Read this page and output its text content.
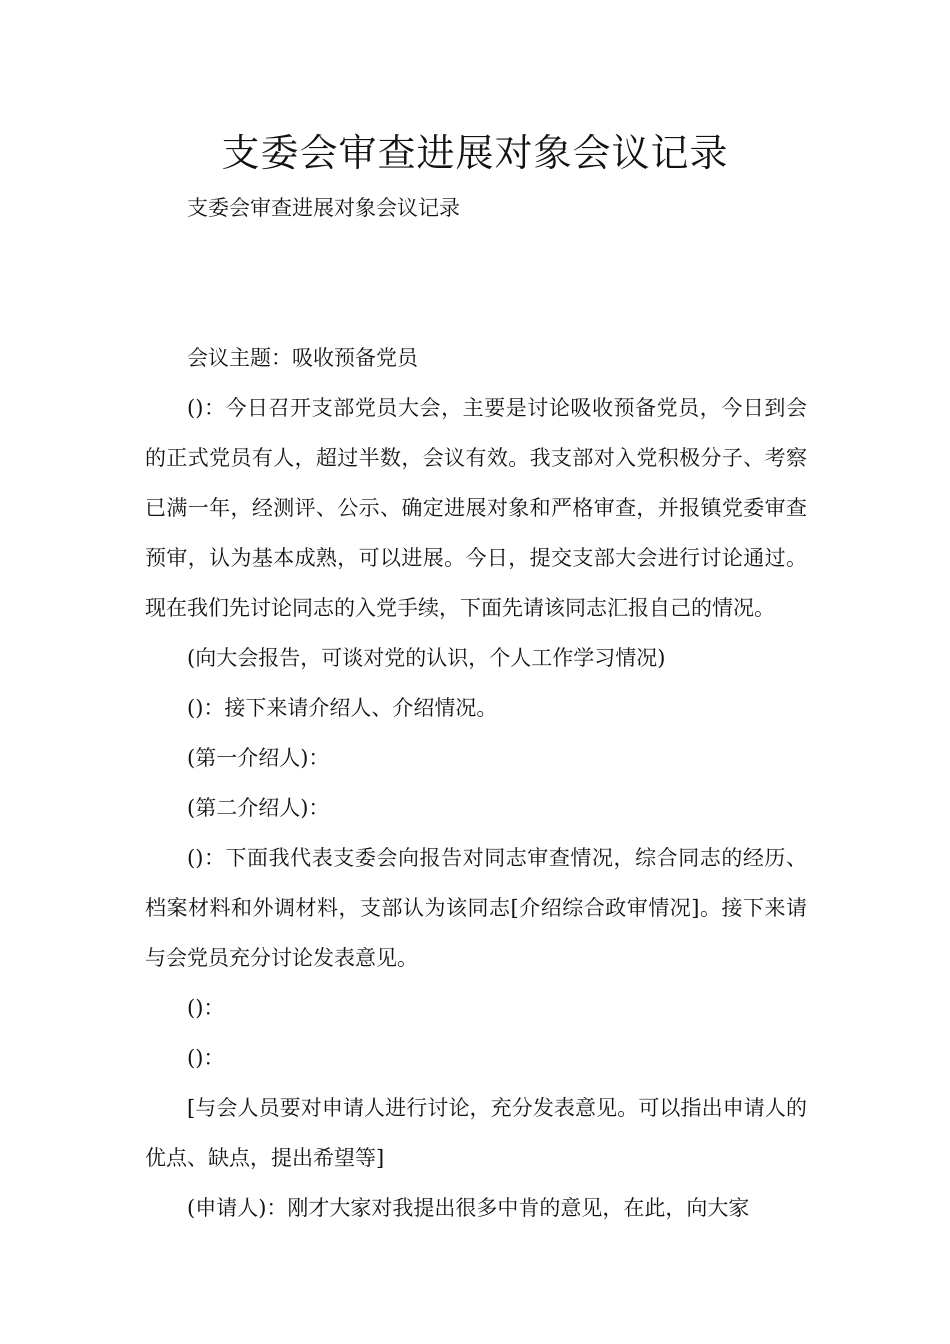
支委会审查进展对象会议记录

支委会审查进展对象会议记录

会议主题：吸收预备党员

()：今日召开支部党员大会，主要是讨论吸收预备党员，今日到会的正式党员有人，超过半数，会议有效。我支部对入党积极分子、考察已满一年，经测评、公示、确定进展对象和严格审查，并报镇党委审查预审，认为基本成熟，可以进展。今日，提交支部大会进行讨论通过。现在我们先讨论同志的入党手续，下面先请该同志汇报自己的情况。

(向大会报告，可谈对党的认识，个人工作学习情况)

()：接下来请介绍人、介绍情况。

(第一介绍人)：

(第二介绍人)：

()：下面我代表支委会向报告对同志审查情况，综合同志的经历、档案材料和外调材料，支部认为该同志[介绍综合政审情况]。接下来请与会党员充分讨论发表意见。

()：

()：

[与会人员要对申请人进行讨论，充分发表意见。可以指出申请人的优点、缺点，提出希望等]

(申请人)：刚才大家对我提出很多中肯的意见，在此，向大家
